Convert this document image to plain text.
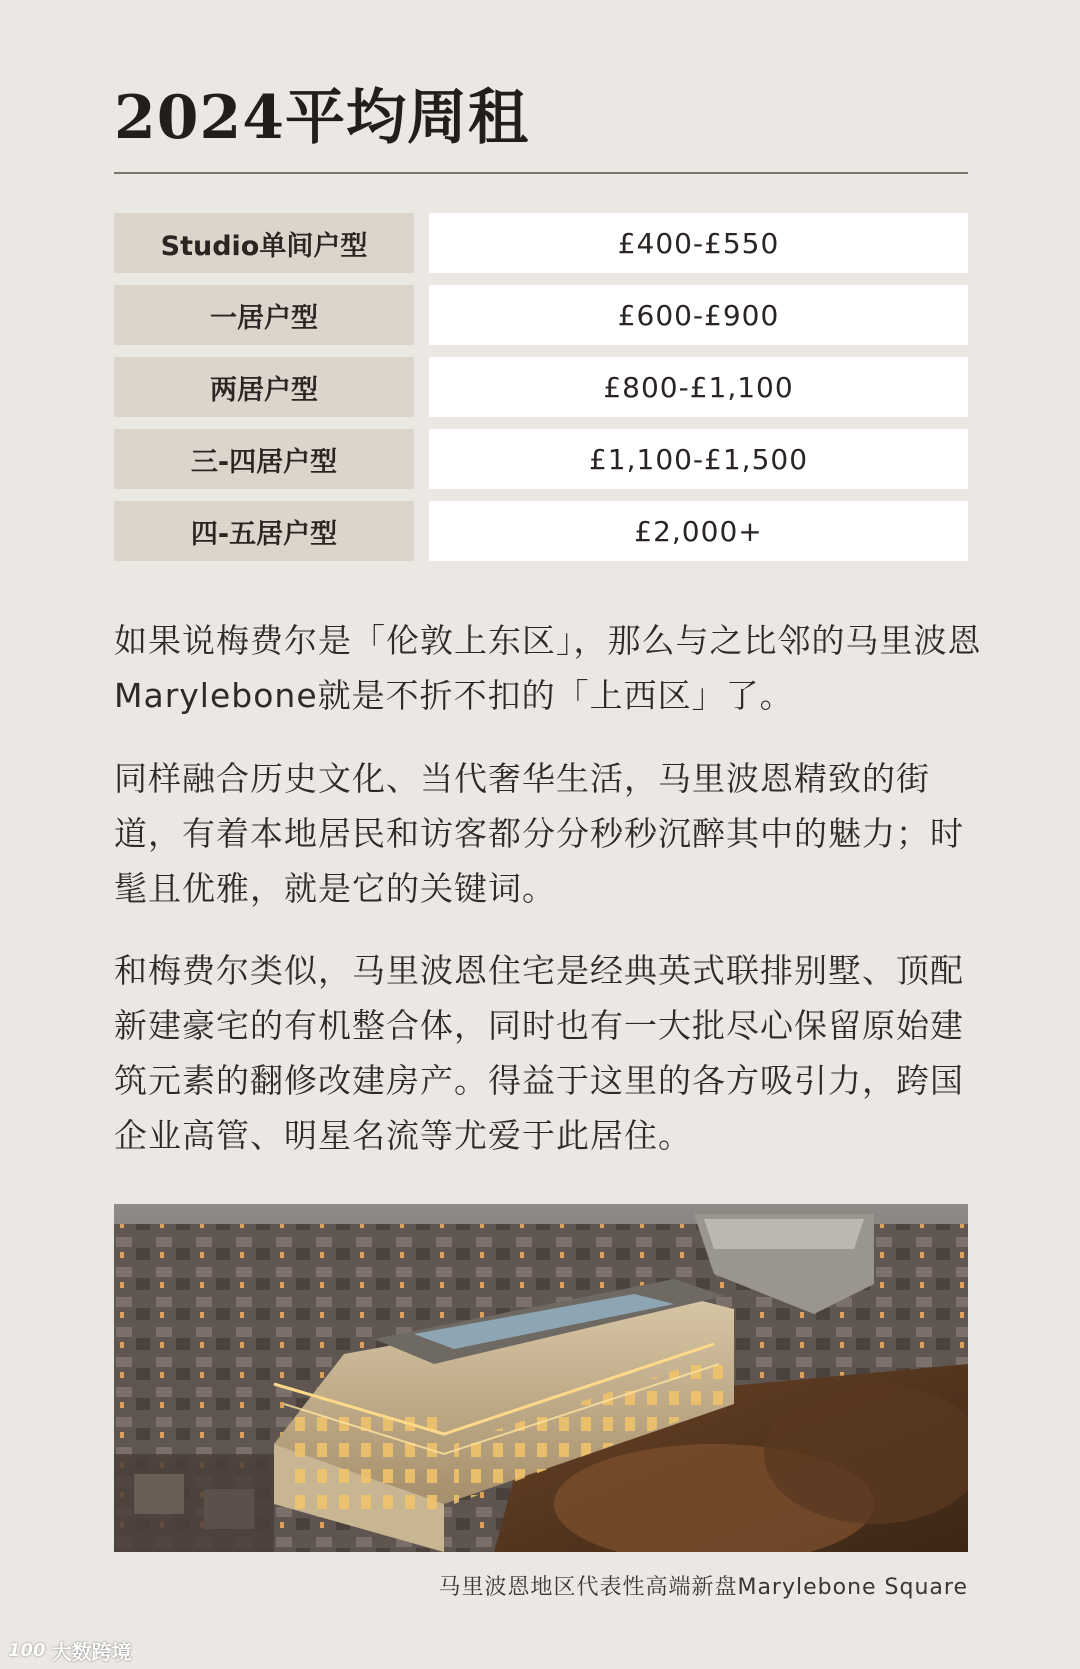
2024平均周租
Studio单间户型	£400-£550
一居户型	£600-£900
两居户型	£800-£1,100
三-四居户型	£1,100-£1,500
四-五居户型	£2,000+

如果说梅费尔是「伦敦上东区」，那么与之比邻的马里波恩Marylebone就是不折不扣的「上西区」了。

同样融合历史文化、当代奢华生活，马里波恩精致的街道，有着本地居民和访客都分分秒秒沉醉其中的魅力；时髦且优雅，就是它的关键词。

和梅费尔类似，马里波恩住宅是经典英式联排别墅、顶配新建豪宅的有机整合体，同时也有一大批尽心保留原始建筑元素的翻修改建房产。得益于这里的各方吸引力，跨国企业高管、明星名流等尤爱于此居住。

马里波恩地区代表性高端新盘Marylebone Square
100 大数跨境
